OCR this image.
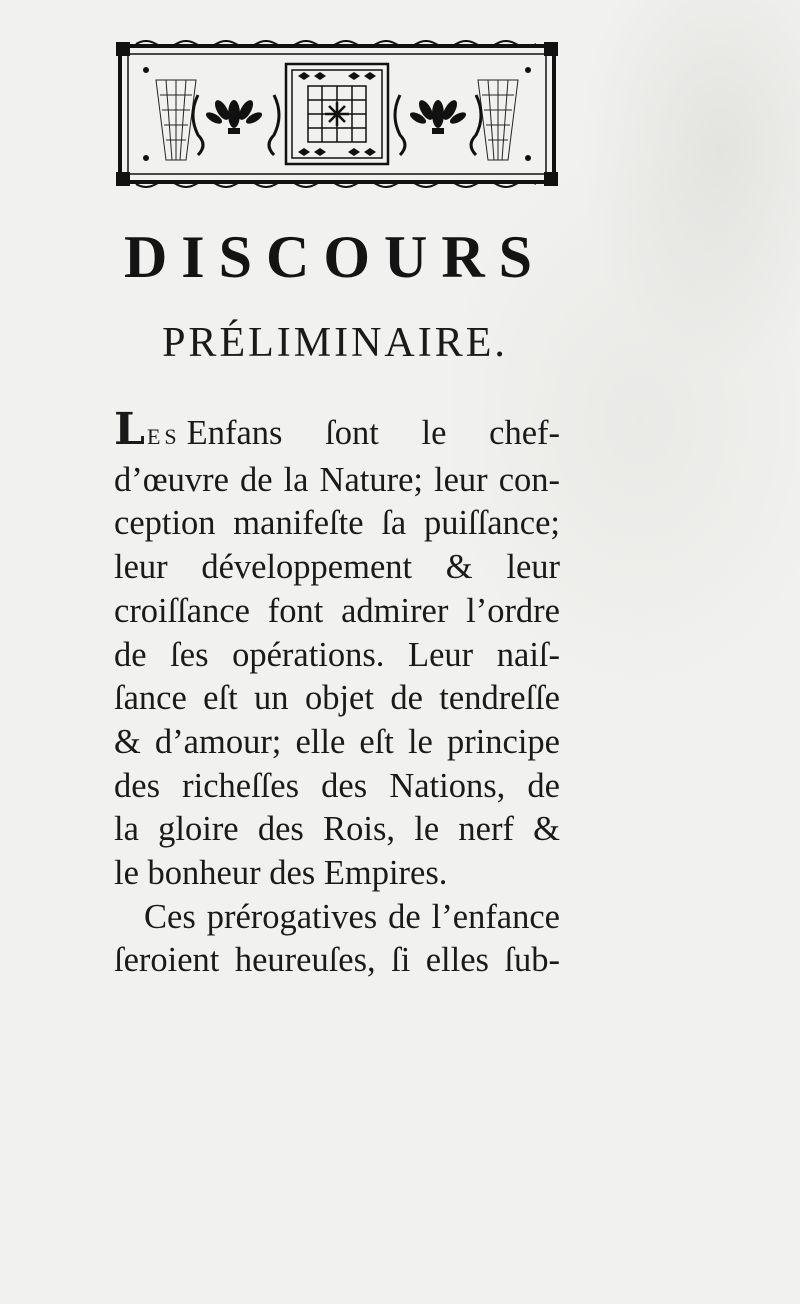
DISCOURS
PRÉLIMINAIRE.
LES Enfans ſont le chef-
d’œuvre de la Nature; leur con-
ception manifeſte ſa puiſſance;
leur développement & leur
croiſſance font admirer l’ordre
de ſes opérations. Leur naiſ-
ſance eſt un objet de tendreſſe
& d’amour; elle eſt le principe
des richeſſes des Nations, de
la gloire des Rois, le nerf &
le bonheur des Empires.
Ces prérogatives de l’enfance
ſeroient heureuſes, ſi elles ſub-
